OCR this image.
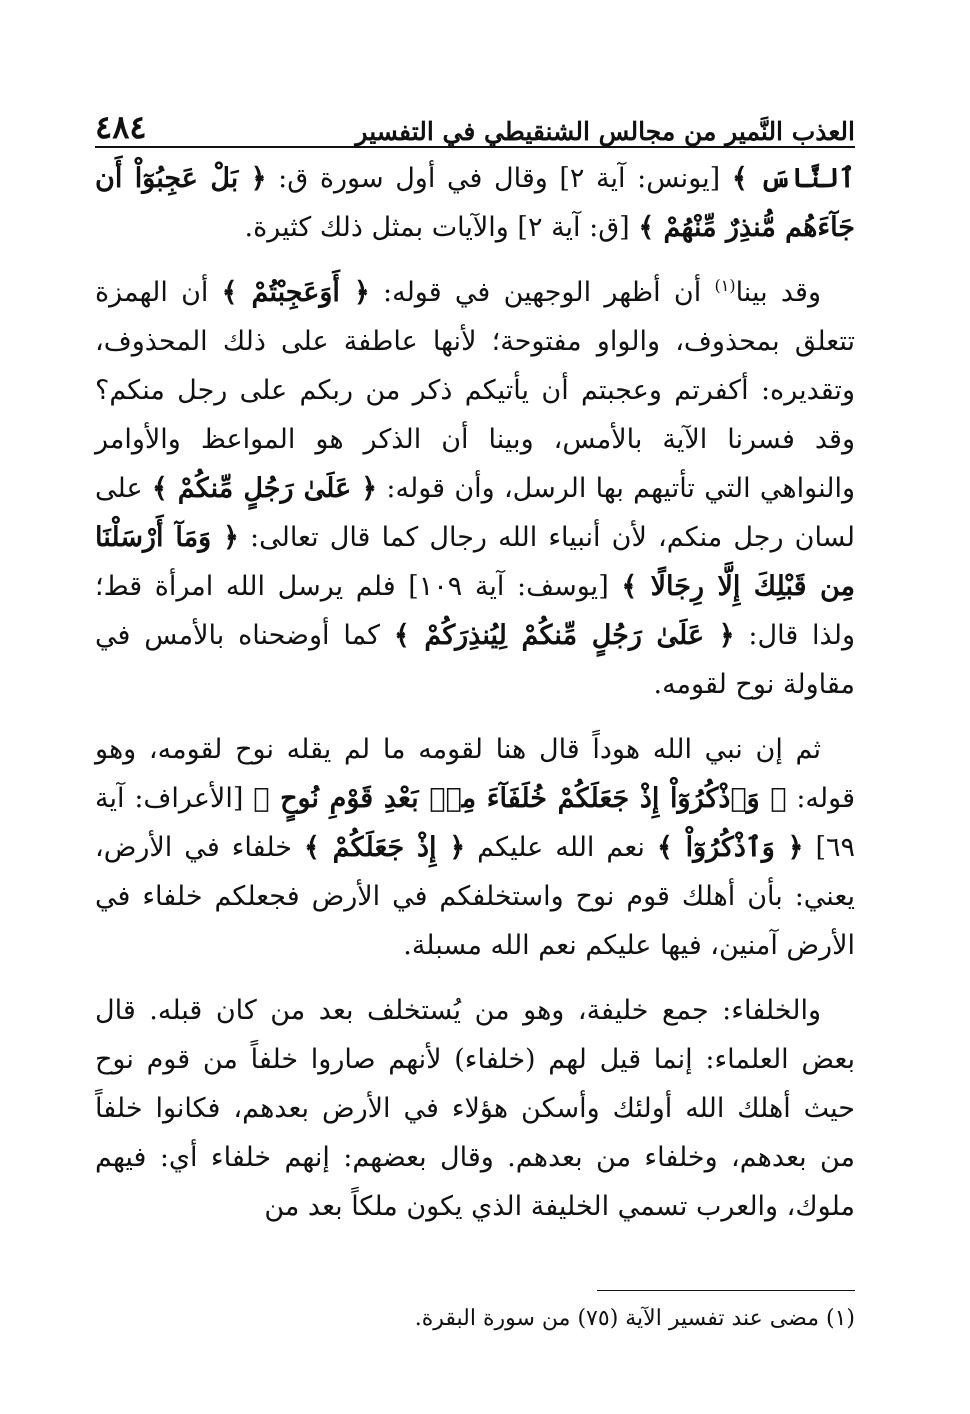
العذب النَّمير من مجالس الشنقيطي في التفسير
٤٨٤

ٱلنَّاسَ ﴾ [يونس: آية ٢] وقال في أول سورة ق: ﴿ بَلْ عَجِبُوٓاْ أَن جَآءَهُم مُّنذِرٌ مِّنْهُمْ ﴾ [ق: آية ٢] والآيات بمثل ذلك كثيرة.

وقد بينا$^{(١)}$ أن أظهر الوجهين في قوله: ﴿ أَوَعَجِبْتُمْ ﴾ أن الهمزة تتعلق بمحذوف، والواو مفتوحة؛ لأنها عاطفة على ذلك المحذوف، وتقديره: أكفرتم وعجبتم أن يأتيكم ذكر من ربكم على رجل منكم؟ وقد فسرنا الآية بالأمس، وبينا أن الذكر هو المواعظ والأوامر والنواهي التي تأتيهم بها الرسل، وأن قوله: ﴿ عَلَىٰ رَجُلٍ مِّنكُمْ ﴾ على لسان رجل منكم، لأن أنبياء الله رجال كما قال تعالى: ﴿ وَمَآ أَرْسَلْنَا مِن قَبْلِكَ إِلَّا رِجَالًا ﴾ [يوسف: آية ١٠٩] فلم يرسل الله امرأة قط؛ ولذا قال: ﴿ عَلَىٰ رَجُلٍ مِّنكُمْ لِيُنذِرَكُمْ ﴾ كما أوضحناه بالأمس في مقاولة نوح لقومه.

ثم إن نبي الله هوداً قال هنا لقومه ما لم يقله نوح لقومه، وهو قوله: ﴿ وَٱذْكُرُوٓاْ إِذْ جَعَلَكُمْ خُلَفَآءَ مِنۢ بَعْدِ قَوْمِ نُوحٍ ﴾ [الأعراف: آية ٦٩] ﴿ وَٱذْكُرُوٓاْ ﴾ نعم الله عليكم ﴿ إِذْ جَعَلَكُمْ ﴾ خلفاء في الأرض، يعني: بأن أهلك قوم نوح واستخلفكم في الأرض فجعلكم خلفاء في الأرض آمنين، فيها عليكم نعم الله مسبلة.

والخلفاء: جمع خليفة، وهو من يُستخلف بعد من كان قبله. قال بعض العلماء: إنما قيل لهم (خلفاء) لأنهم صاروا خلفاً من قوم نوح حيث أهلك الله أولئك وأسكن هؤلاء في الأرض بعدهم، فكانوا خلفاً من بعدهم، وخلفاء من بعدهم. وقال بعضهم: إنهم خلفاء أي: فيهم ملوك، والعرب تسمي الخليفة الذي يكون ملكاً بعد من

(١) مضى عند تفسير الآية (٧٥) من سورة البقرة.
